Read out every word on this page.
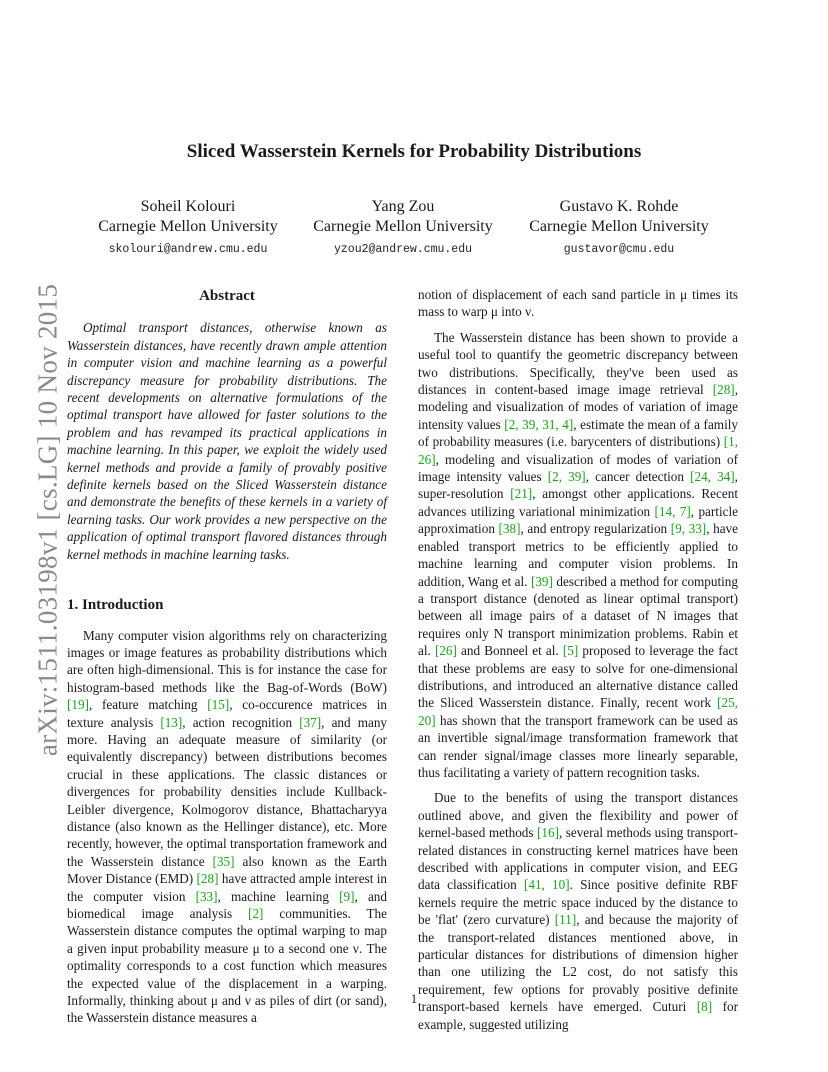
arXiv:1511.03198v1 [cs.LG] 10 Nov 2015
Sliced Wasserstein Kernels for Probability Distributions
Soheil Kolouri
Carnegie Mellon University
skolouri@andrew.cmu.edu
Yang Zou
Carnegie Mellon University
yzou2@andrew.cmu.edu
Gustavo K. Rohde
Carnegie Mellon University
gustavor@cmu.edu
Abstract

Optimal transport distances, otherwise known as Wasserstein distances, have recently drawn ample attention in computer vision and machine learning as a powerful discrepancy measure for probability distributions. The recent developments on alternative formulations of the optimal transport have allowed for faster solutions to the problem and has revamped its practical applications in machine learning. In this paper, we exploit the widely used kernel methods and provide a family of provably positive definite kernels based on the Sliced Wasserstein distance and demonstrate the benefits of these kernels in a variety of learning tasks. Our work provides a new perspective on the application of optimal transport flavored distances through kernel methods in machine learning tasks.

1. Introduction

Many computer vision algorithms rely on characterizing images or image features as probability distributions which are often high-dimensional. This is for instance the case for histogram-based methods like the Bag-of-Words (BoW) [19], feature matching [15], co-occurence matrices in texture analysis [13], action recognition [37], and many more. Having an adequate measure of similarity (or equivalently discrepancy) between distributions becomes crucial in these applications. The classic distances or divergences for probability densities include Kullback-Leibler divergence, Kolmogorov distance, Bhattacharyya distance (also known as the Hellinger distance), etc. More recently, however, the optimal transportation framework and the Wasserstein distance [35] also known as the Earth Mover Distance (EMD) [28] have attracted ample interest in the computer vision [33], machine learning [9], and biomedical image analysis [2] communities. The Wasserstein distance computes the optimal warping to map a given input probability measure μ to a second one ν. The optimality corresponds to a cost function which measures the expected value of the displacement in a warping. Informally, thinking about μ and ν as piles of dirt (or sand), the Wasserstein distance measures a

notion of displacement of each sand particle in μ times its mass to warp μ into ν.

The Wasserstein distance has been shown to provide a useful tool to quantify the geometric discrepancy between two distributions. Specifically, they've been used as distances in content-based image image retrieval [28], modeling and visualization of modes of variation of image intensity values [2, 39, 31, 4], estimate the mean of a family of probability measures (i.e. barycenters of distributions) [1, 26], modeling and visualization of modes of variation of image intensity values [2, 39], cancer detection [24, 34], super-resolution [21], amongst other applications. Recent advances utilizing variational minimization [14, 7], particle approximation [38], and entropy regularization [9, 33], have enabled transport metrics to be efficiently applied to machine learning and computer vision problems. In addition, Wang et al. [39] described a method for computing a transport distance (denoted as linear optimal transport) between all image pairs of a dataset of N images that requires only N transport minimization problems. Rabin et al. [26] and Bonneel et al. [5] proposed to leverage the fact that these problems are easy to solve for one-dimensional distributions, and introduced an alternative distance called the Sliced Wasserstein distance. Finally, recent work [25, 20] has shown that the transport framework can be used as an invertible signal/image transformation framework that can render signal/image classes more linearly separable, thus facilitating a variety of pattern recognition tasks.

Due to the benefits of using the transport distances outlined above, and given the flexibility and power of kernel-based methods [16], several methods using transport-related distances in constructing kernel matrices have been described with applications in computer vision, and EEG data classification [41, 10]. Since positive definite RBF kernels require the metric space induced by the distance to be 'flat' (zero curvature) [11], and because the majority of the transport-related distances mentioned above, in particular distances for distributions of dimension higher than one utilizing the L2 cost, do not satisfy this requirement, few options for provably positive definite transport-based kernels have emerged. Cuturi [8] for example, suggested utilizing

1
